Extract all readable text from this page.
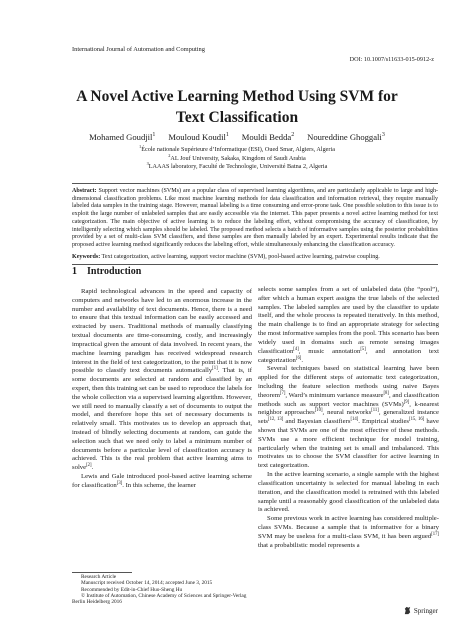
International Journal of Automation and Computing
DOI: 10.1007/s11633-015-0912-z
A Novel Active Learning Method Using SVM for
Text Classification
Mohamed Goudjil$^1$ Mouloud Koudil$^1$ Mouldi Bedda$^2$ Noureddine Ghoggali$^3$
$^1$École nationale Supérieure d’Informatique (ESI), Oued Smar, Algiers, Algeria
$^2$AL Jouf University, Sakaka, Kingdom of Saudi Arabia
$^3$LAAAS laboratory, Faculté de Technologie, Université Batna 2, Algeria

Abstract: Support vector machines (SVMs) are a popular class of supervised learning algorithms, and are particularly applicable to large and high-dimensional classification problems. Like most machine learning methods for data classification and information retrieval, they require manually labeled data samples in the training stage. However, manual labeling is a time consuming and error-prone task. One possible solution to this issue is to exploit the large number of unlabeled samples that are easily accessible via the internet. This paper presents a novel active learning method for text categorization. The main objective of active learning is to reduce the labeling effort, without compromising the accuracy of classification, by intelligently selecting which samples should be labeled. The proposed method selects a batch of informative samples using the posterior probabilities provided by a set of multi-class SVM classifiers, and these samples are then manually labeled by an expert. Experimental results indicate that the proposed active learning method significantly reduces the labeling effort, while simultaneously enhancing the classification accuracy.

Keywords: Text categorization, active learning, support vector machine (SVM), pool-based active learning, pairwise coupling.
1 Introduction

Rapid technological advances in the speed and capacity of computers and networks have led to an enormous increase in the number and availability of text documents. Hence, there is a need to ensure that this textual information can be easily accessed and extracted by users. Traditional methods of manually classifying textual documents are time-consuming, costly, and increasingly impractical given the amount of data involved. In recent years, the machine learning paradigm has received widespread research interest in the field of text categorization, to the point that it is now possible to classify text documents automatically[1]. That is, if some documents are selected at random and classified by an expert, then this training set can be used to reproduce the labels for the whole collection via a supervised learning algorithm. However, we still need to manually classify a set of documents to output the model, and therefore hope this set of necessary documents is relatively small. This motivates us to develop an approach that, instead of blindly selecting documents at random, can guide the selection such that we need only to label a minimum number of documents before a particular level of classification accuracy is achieved. This is the real problem that active learning aims to solve[2].

Lewis and Gale introduced pool-based active learning scheme for classification[3]. In this scheme, the learner

Research Article
Manuscript received October 14, 2014; accepted June 3, 2015
Recommended by Edit-in-Chief Huo-Sheng Hu
© Institute of Automation, Chinese Academy of Sciences and Springer-Verlag Berlin Heidelberg 2016

selects some samples from a set of unlabeled data (the “pool”), after which a human expert assigns the true labels of the selected samples. The labeled samples are used by the classifier to update itself, and the whole process is repeated iteratively. In this method, the main challenge is to find an appropriate strategy for selecting the most informative samples from the pool. This scenario has been widely used in domains such as remote sensing images classification[4], music annotation[5], and annotation text categorization[6].

Several techniques based on statistical learning have been applied for the different steps of automatic text categorization, including the feature selection methods using naive Bayes theorem[7], Ward’s minimum variance measure[8], and classification methods such as support vector machines (SVMs)[9], k-nearest neighbor approaches[10], neural networks[11], generalized instance sets[12, 13] and Bayesian classifiers[14]. Empirical studies[15, 16] have shown that SVMs are one of the most effective of these methods. SVMs use a more efficient technique for model training, particularly when the training set is small and imbalanced. This motivates us to choose the SVM classifier for active learning in text categorization.

In the active learning scenario, a single sample with the highest classification uncertainty is selected for manual labeling in each iteration, and the classification model is retrained with this labeled sample until a reasonably good classification of the unlabeled data is achieved.

Some previous work in active learning has considered multiple-class SVMs. Because a sample that is informative for a binary SVM may be useless for a multi-class SVM, it has been argued[17] that a probabilistic model represents a

Springer
